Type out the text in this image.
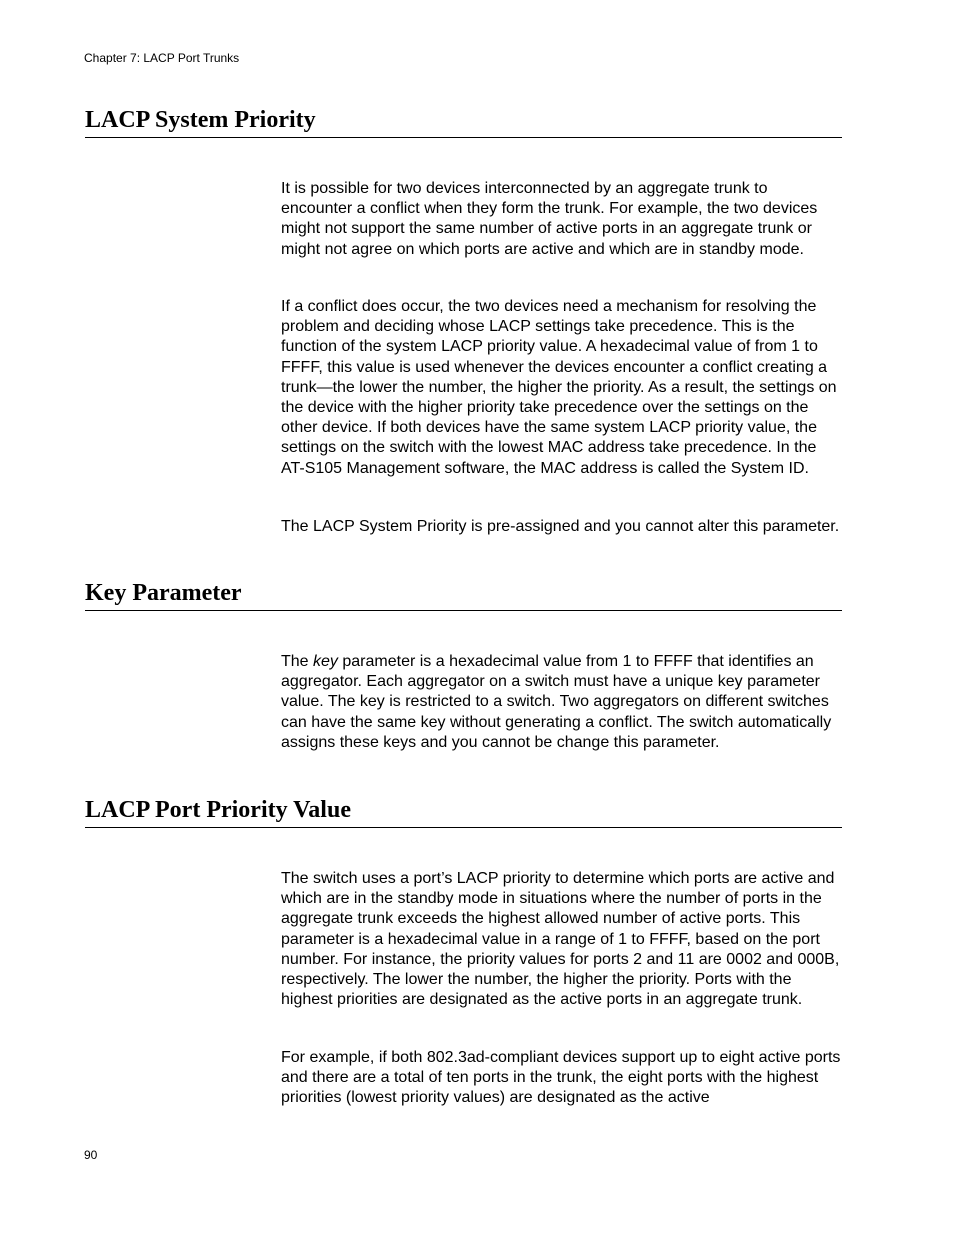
Chapter 7: LACP Port Trunks
LACP System Priority

It is possible for two devices interconnected by an aggregate trunk to encounter a conflict when they form the trunk. For example, the two devices might not support the same number of active ports in an aggregate trunk or might not agree on which ports are active and which are in standby mode.

If a conflict does occur, the two devices need a mechanism for resolving the problem and deciding whose LACP settings take precedence. This is the function of the system LACP priority value. A hexadecimal value of from 1 to FFFF, this value is used whenever the devices encounter a conflict creating a trunk—the lower the number, the higher the priority. As a result, the settings on the device with the higher priority take precedence over the settings on the other device. If both devices have the same system LACP priority value, the settings on the switch with the lowest MAC address take precedence. In the AT-S105 Management software, the MAC address is called the System ID.

The LACP System Priority is pre-assigned and you cannot alter this parameter.

Key Parameter

The key parameter is a hexadecimal value from 1 to FFFF that identifies an aggregator. Each aggregator on a switch must have a unique key parameter value. The key is restricted to a switch. Two aggregators on different switches can have the same key without generating a conflict. The switch automatically assigns these keys and you cannot be change this parameter.

LACP Port Priority Value

The switch uses a port’s LACP priority to determine which ports are active and which are in the standby mode in situations where the number of ports in the aggregate trunk exceeds the highest allowed number of active ports. This parameter is a hexadecimal value in a range of 1 to FFFF, based on the port number. For instance, the priority values for ports 2 and 11 are 0002 and 000B, respectively. The lower the number, the higher the priority. Ports with the highest priorities are designated as the active ports in an aggregate trunk.

For example, if both 802.3ad-compliant devices support up to eight active ports and there are a total of ten ports in the trunk, the eight ports with the highest priorities (lowest priority values) are designated as the active

90
